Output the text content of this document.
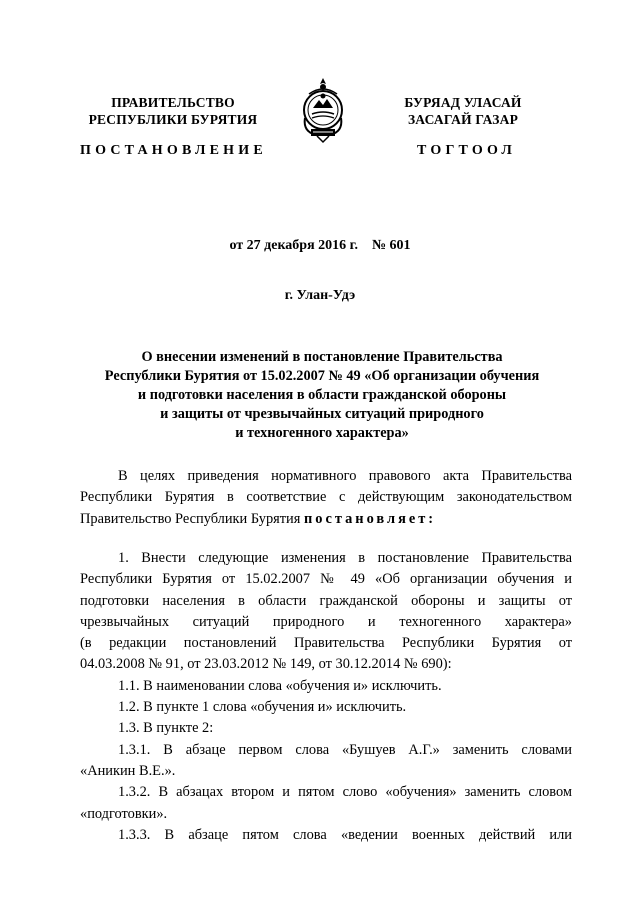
ПРАВИТЕЛЬСТВО
РЕСПУБЛИКИ БУРЯТИЯ
БУРЯАД УЛАСАЙ
ЗАСАГАЙ ГАЗАР
ПОСТАНОВЛЕНИЕ	ТОГТООЛ
от 27 декабря 2016 г. № 601
г. Улан-Удэ
О внесении изменений в постановление Правительства
Республики Бурятия от 15.02.2007 № 49 «Об организации обучения
и подготовки населения в области гражданской обороны
и защиты от чрезвычайных ситуаций природного
и техногенного характера»
В целях приведения нормативного правового акта Правительства
Республики Бурятия в соответствие с действующим законодательством
Правительство Республики Бурятия постановляет:
1. Внести следующие изменения в постановление Правительства
Республики Бурятия от 15.02.2007 № 49 «Об организации обучения и
подготовки населения в области гражданской обороны и защиты от
чрезвычайных ситуаций природного и техногенного характера»
(в редакции постановлений Правительства Республики Бурятия от
04.03.2008 № 91, от 23.03.2012 № 149, от 30.12.2014 № 690):
1.1. В наименовании слова «обучения и» исключить.
1.2. В пункте 1 слова «обучения и» исключить.
1.3. В пункте 2:
1.3.1. В абзаце первом слова «Бушуев А.Г.» заменить словами
«Аникин В.Е.».
1.3.2. В абзацах втором и пятом слово «обучения» заменить словом
«подготовки».
1.3.3. В абзаце пятом слова «ведении военных действий или
